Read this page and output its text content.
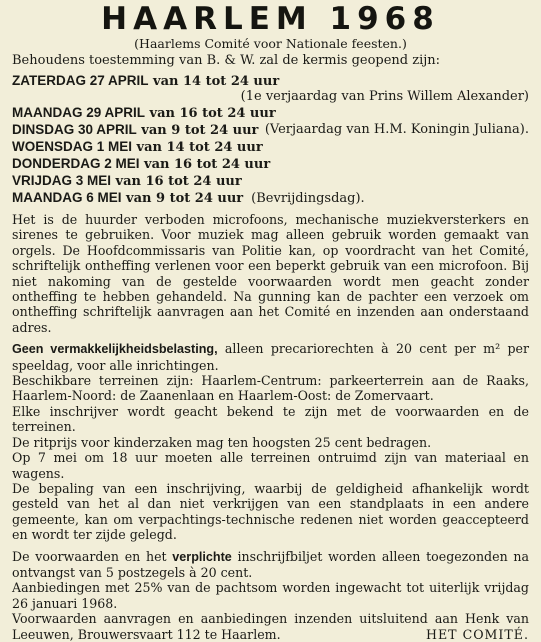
HAARLEM 1968
(Haarlems Comité voor Nationale feesten.)
Behoudens toestemming van B. & W. zal de kermis geopend zijn:
ZATERDAG 27 APRIL van 14 tot 24 uur
(1e verjaardag van Prins Willem Alexander)
MAANDAG 29 APRIL van 16 tot 24 uur
DINSDAG 30 APRIL van 9 tot 24 uur (Verjaardag van H.M. Koningin Juliana).
WOENSDAG 1 MEI van 14 tot 24 uur
DONDERDAG 2 MEI van 16 tot 24 uur
VRIJDAG 3 MEI van 16 tot 24 uur
MAANDAG 6 MEI van 9 tot 24 uur (Bevrijdingsdag).

Het is de huurder verboden microfoons, mechanische muziekversterkers en sirenes te gebruiken. Voor muziek mag alleen gebruik worden gemaakt van orgels. De Hoofdcommissaris van Politie kan, op voordracht van het Comité, schriftelijk ontheffing verlenen voor een beperkt gebruik van een microfoon. Bij niet nakoming van de gestelde voorwaarden wordt men geacht zonder ontheffing te hebben gehandeld. Na gunning kan de pachter een verzoek om ontheffing schriftelijk aanvragen aan het Comité en inzenden aan onderstaand adres.

Geen vermakkelijkheidsbelasting, alleen precariorechten à 20 cent per m² per speeldag, voor alle inrichtingen.

Beschikbare terreinen zijn: Haarlem-Centrum: parkeerterrein aan de Raaks, Haarlem-Noord: de Zaanenlaan en Haarlem-Oost: de Zomervaart.

Elke inschrijver wordt geacht bekend te zijn met de voorwaarden en de terreinen.

De ritprijs voor kinderzaken mag ten hoogsten 25 cent bedragen.

Op 7 mei om 18 uur moeten alle terreinen ontruimd zijn van materiaal en wagens.

De bepaling van een inschrijving, waarbij de geldigheid afhankelijk wordt gesteld van het al dan niet verkrijgen van een standplaats in een andere gemeente, kan om verpachtings-technische redenen niet worden geaccepteerd en wordt ter zijde gelegd.

De voorwaarden en het verplichte inschrijfbiljet worden alleen toegezonden na ontvangst van 5 postzegels à 20 cent.

Aanbiedingen met 25% van de pachtsom worden ingewacht tot uiterlijk vrijdag 26 januari 1968.

Voorwaarden aanvragen en aanbiedingen inzenden uitsluitend aan Henk van Leeuwen, Brouwersvaart 112 te Haarlem.	HET COMITÉ.
